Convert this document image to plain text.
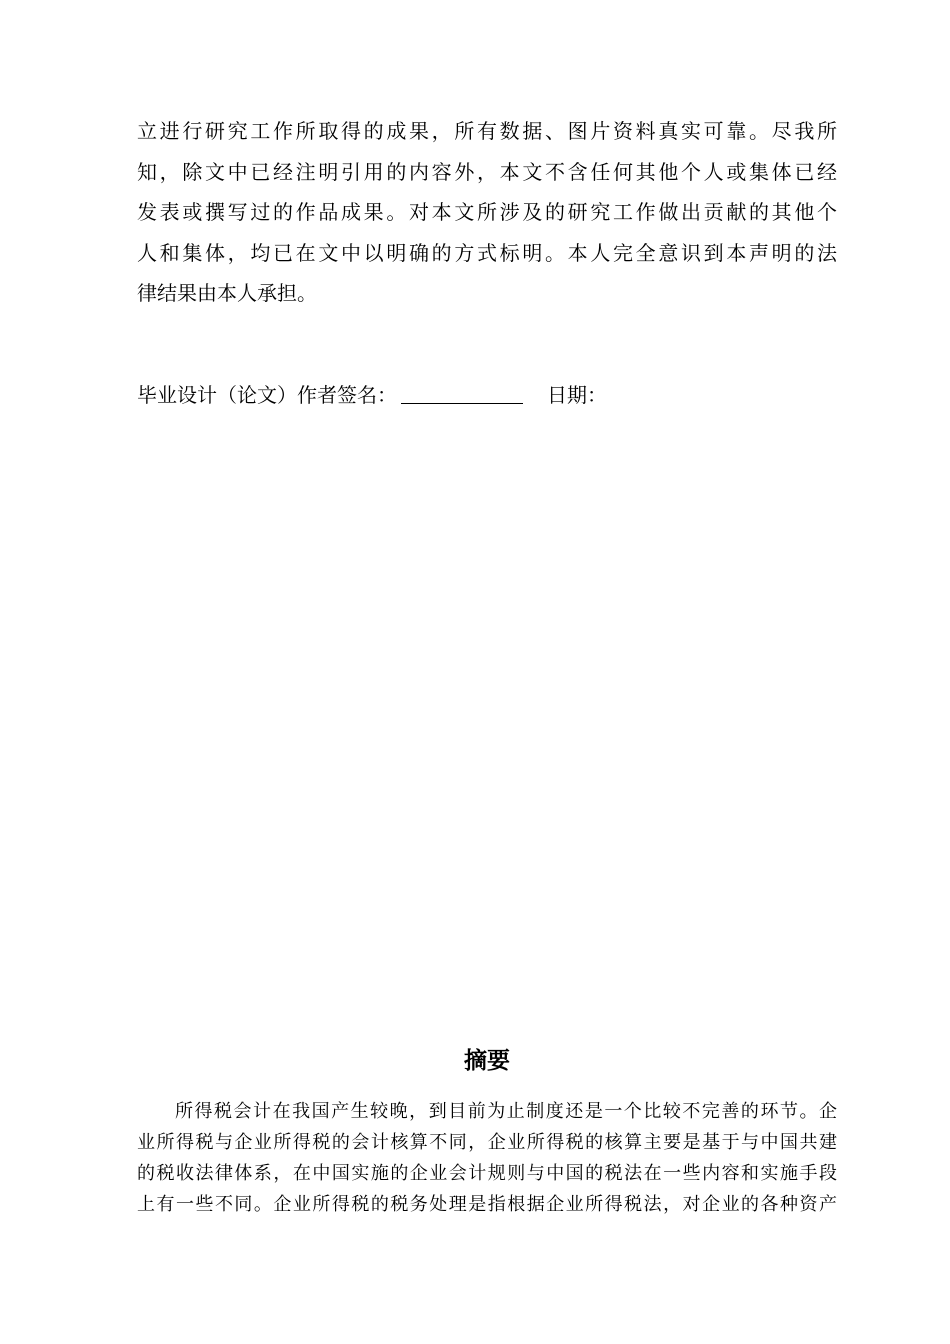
立进行研究工作所取得的成果，所有数据、图片资料真实可靠。尽我所
知，除文中已经注明引用的内容外，本文不含任何其他个人或集体已经
发表或撰写过的作品成果。对本文所涉及的研究工作做出贡献的其他个
人和集体，均已在文中以明确的方式标明。本人完全意识到本声明的法
律结果由本人承担。
毕业设计（论文）作者签名：	日期：
摘要
所得税会计在我国产生较晚，到目前为止制度还是一个比较不完善的环节。企
业所得税与企业所得税的会计核算不同，企业所得税的核算主要是基于与中国共建
的税收法律体系，在中国实施的企业会计规则与中国的税法在一些内容和实施手段
上有一些不同。企业所得税的税务处理是指根据企业所得税法，对企业的各种资产
